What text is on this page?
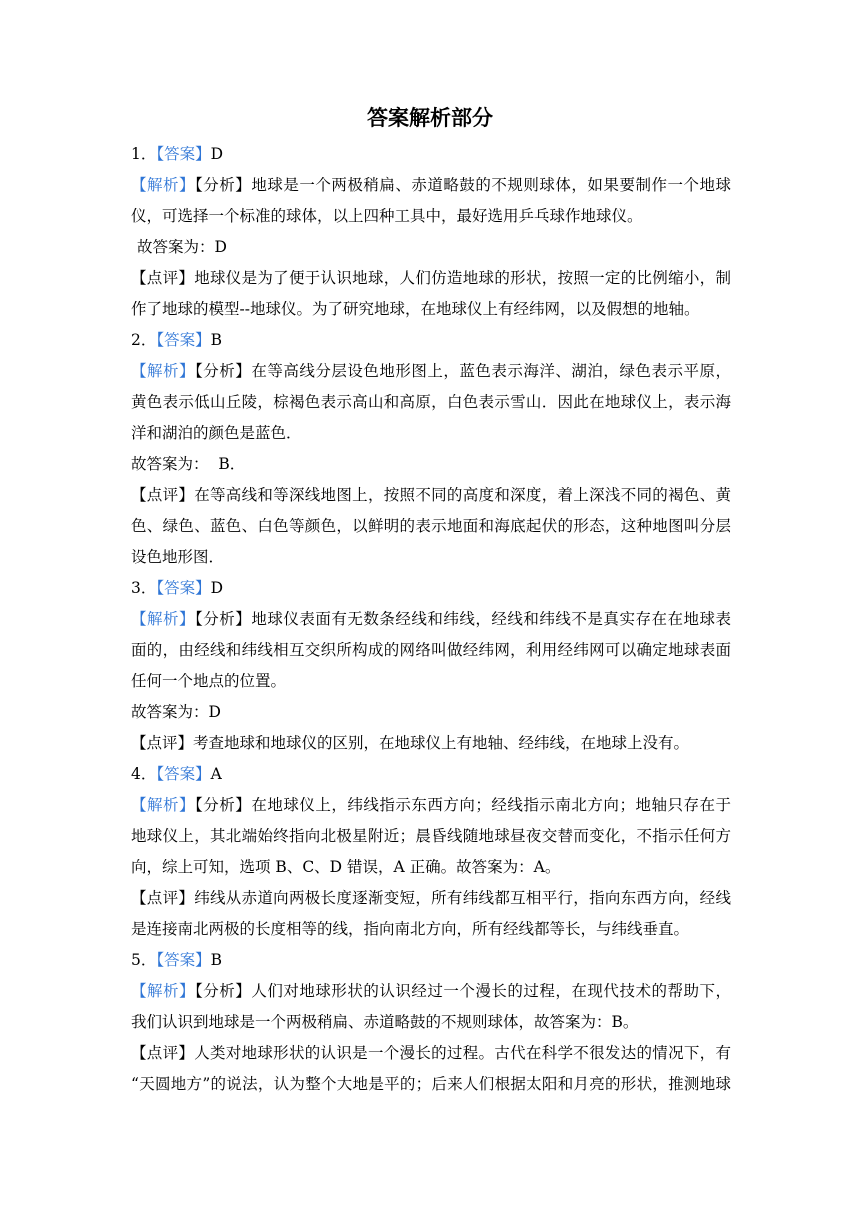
答案解析部分
1．【答案】D
【解析】【分析】地球是一个两极稍扁、赤道略鼓的不规则球体，如果要制作一个地球
仪，可选择一个标准的球体，以上四种工具中，最好选用乒乓球作地球仪。
故答案为：D
【点评】地球仪是为了便于认识地球，人们仿造地球的形状，按照一定的比例缩小，制
作了地球的模型--地球仪。为了研究地球，在地球仪上有经纬网，以及假想的地轴。
2．【答案】B
【解析】【分析】在等高线分层设色地形图上，蓝色表示海洋、湖泊，绿色表示平原，
黄色表示低山丘陵，棕褐色表示高山和高原，白色表示雪山．因此在地球仪上，表示海
洋和湖泊的颜色是蓝色．
故答案为：  B．
【点评】在等高线和等深线地图上，按照不同的高度和深度，着上深浅不同的褐色、黄
色、绿色、蓝色、白色等颜色，以鲜明的表示地面和海底起伏的形态，这种地图叫分层
设色地形图．
3．【答案】D
【解析】【分析】地球仪表面有无数条经线和纬线，经线和纬线不是真实存在在地球表
面的，由经线和纬线相互交织所构成的网络叫做经纬网，利用经纬网可以确定地球表面
任何一个地点的位置。
故答案为：D
【点评】考查地球和地球仪的区别，在地球仪上有地轴、经纬线，在地球上没有。
4．【答案】A
【解析】【分析】在地球仪上，纬线指示东西方向；经线指示南北方向；地轴只存在于
地球仪上，其北端始终指向北极星附近；晨昏线随地球昼夜交替而变化，不指示任何方
向，综上可知，选项 B、C、D 错误，A 正确。故答案为：A。
【点评】纬线从赤道向两极长度逐渐变短，所有纬线都互相平行，指向东西方向，经线
是连接南北两极的长度相等的线，指向南北方向，所有经线都等长，与纬线垂直。
5．【答案】B
【解析】【分析】人们对地球形状的认识经过一个漫长的过程，在现代技术的帮助下，
我们认识到地球是一个两极稍扁、赤道略鼓的不规则球体，故答案为：B。
【点评】人类对地球形状的认识是一个漫长的过程。古代在科学不很发达的情况下，有
“天圆地方”的说法，认为整个大地是平的；后来人们根据太阳和月亮的形状，推测地球
